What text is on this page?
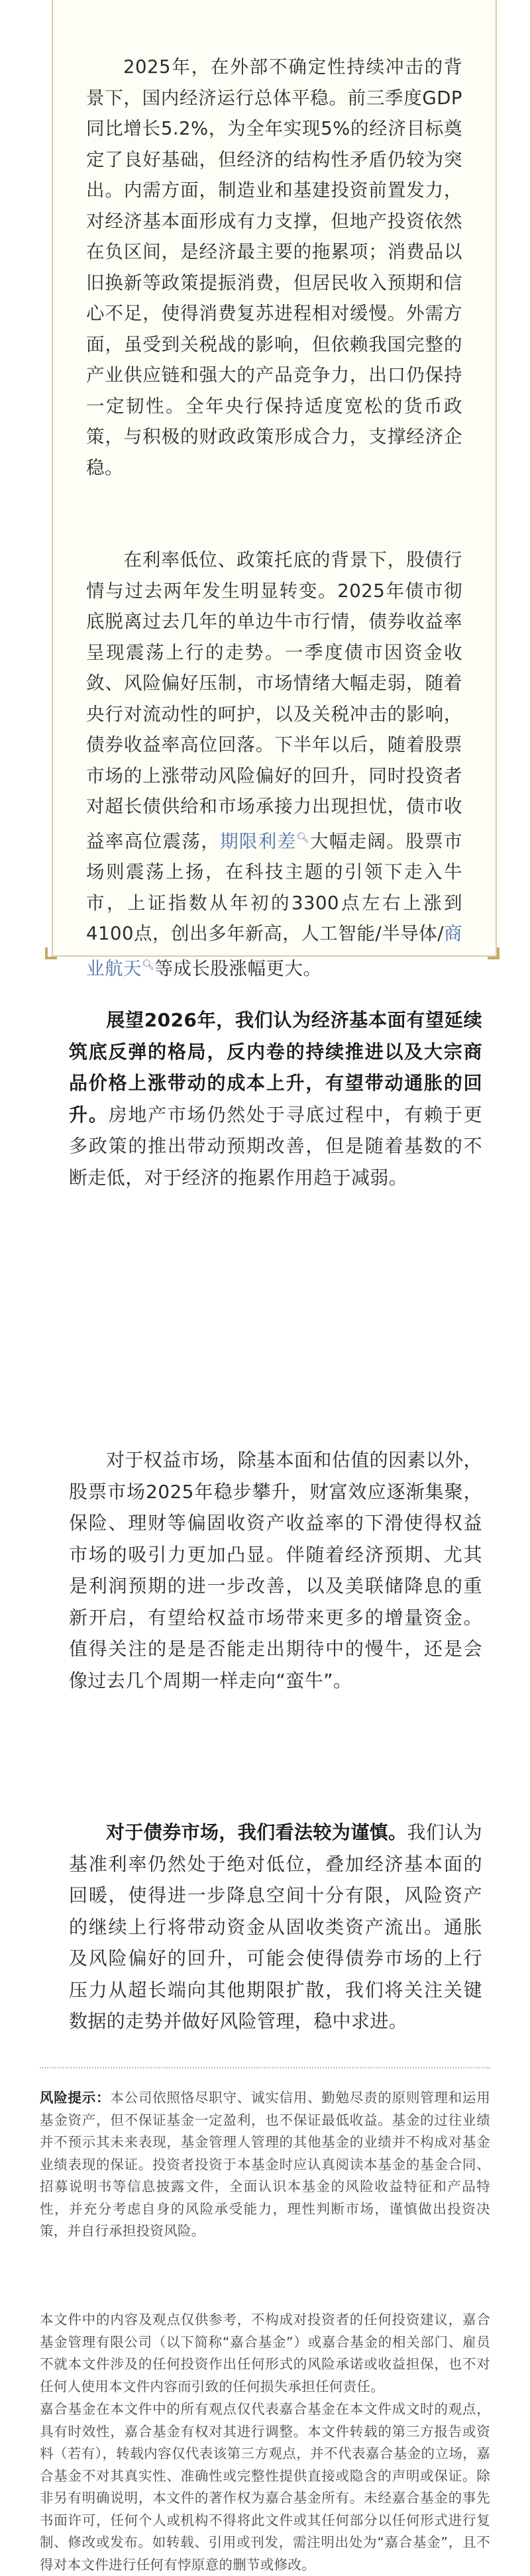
2025年，在外部不确定性持续冲击的背景下，国内经济运行总体平稳。前三季度GDP同比增长5.2%，为全年实现5%的经济目标奠定了良好基础，但经济的结构性矛盾仍较为突出。内需方面，制造业和基建投资前置发力，对经济基本面形成有力支撑，但地产投资依然在负区间，是经济最主要的拖累项；消费品以旧换新等政策提振消费，但居民收入预期和信心不足，使得消费复苏进程相对缓慢。外需方面，虽受到关税战的影响，但依赖我国完整的产业供应链和强大的产品竞争力，出口仍保持一定韧性。全年央行保持适度宽松的货币政策，与积极的财政政策形成合力，支撑经济企稳。

在利率低位、政策托底的背景下，股债行情与过去两年发生明显转变。2025年债市彻底脱离过去几年的单边牛市行情，债券收益率呈现震荡上行的走势。一季度债市因资金收敛、风险偏好压制，市场情绪大幅走弱，随着央行对流动性的呵护，以及关税冲击的影响，债券收益率高位回落。下半年以后，随着股票市场的上涨带动风险偏好的回升，同时投资者对超长债供给和市场承接力出现担忧，债市收益率高位震荡，期限利差🔍︎大幅走阔。股票市场则震荡上扬，在科技主题的引领下走入牛市，上证指数从年初的3300点左右上涨到4100点，创出多年新高，人工智能/半导体/商业航天🔍︎等成长股涨幅更大。

展望2026年，我们认为经济基本面有望延续筑底反弹的格局，反内卷的持续推进以及大宗商品价格上涨带动的成本上升，有望带动通胀的回升。房地产市场仍然处于寻底过程中，有赖于更多政策的推出带动预期改善，但是随着基数的不断走低，对于经济的拖累作用趋于减弱。

对于权益市场，除基本面和估值的因素以外，股票市场2025年稳步攀升，财富效应逐渐集聚，保险、理财等偏固收资产收益率的下滑使得权益市场的吸引力更加凸显。伴随着经济预期、尤其是利润预期的进一步改善，以及美联储降息的重新开启，有望给权益市场带来更多的增量资金。值得关注的是是否能走出期待中的慢牛，还是会像过去几个周期一样走向“蛮牛”。

对于债券市场，我们看法较为谨慎。我们认为基准利率仍然处于绝对低位，叠加经济基本面的回暖，使得进一步降息空间十分有限，风险资产的继续上行将带动资金从固收类资产流出。通胀及风险偏好的回升，可能会使得债券市场的上行压力从超长端向其他期限扩散，我们将关注关键数据的走势并做好风险管理，稳中求进。

风险提示：本公司依照恪尽职守、诚实信用、勤勉尽责的原则管理和运用基金资产，但不保证基金一定盈利，也不保证最低收益。基金的过往业绩并不预示其未来表现，基金管理人管理的其他基金的业绩并不构成对基金业绩表现的保证。投资者投资于本基金时应认真阅读本基金的基金合同、招募说明书等信息披露文件，全面认识本基金的风险收益特征和产品特性，并充分考虑自身的风险承受能力，理性判断市场，谨慎做出投资决策，并自行承担投资风险。

本文件中的内容及观点仅供参考，不构成对投资者的任何投资建议，嘉合基金管理有限公司（以下简称“嘉合基金”）或嘉合基金的相关部门、雇员不就本文件涉及的任何投资作出任何形式的风险承诺或收益担保，也不对任何人使用本文件内容而引致的任何损失承担任何责任。

嘉合基金在本文件中的所有观点仅代表嘉合基金在本文件成文时的观点，具有时效性，嘉合基金有权对其进行调整。本文件转载的第三方报告或资料（若有），转载内容仅代表该第三方观点，并不代表嘉合基金的立场，嘉合基金不对其真实性、准确性或完整性提供直接或隐含的声明或保证。除非另有明确说明，本文件的著作权为嘉合基金所有。未经嘉合基金的事先书面许可，任何个人或机构不得将此文件或其任何部分以任何形式进行复制、修改或发布。如转载、引用或刊发，需注明出处为“嘉合基金”，且不得对本文件进行任何有悖原意的删节或修改。
